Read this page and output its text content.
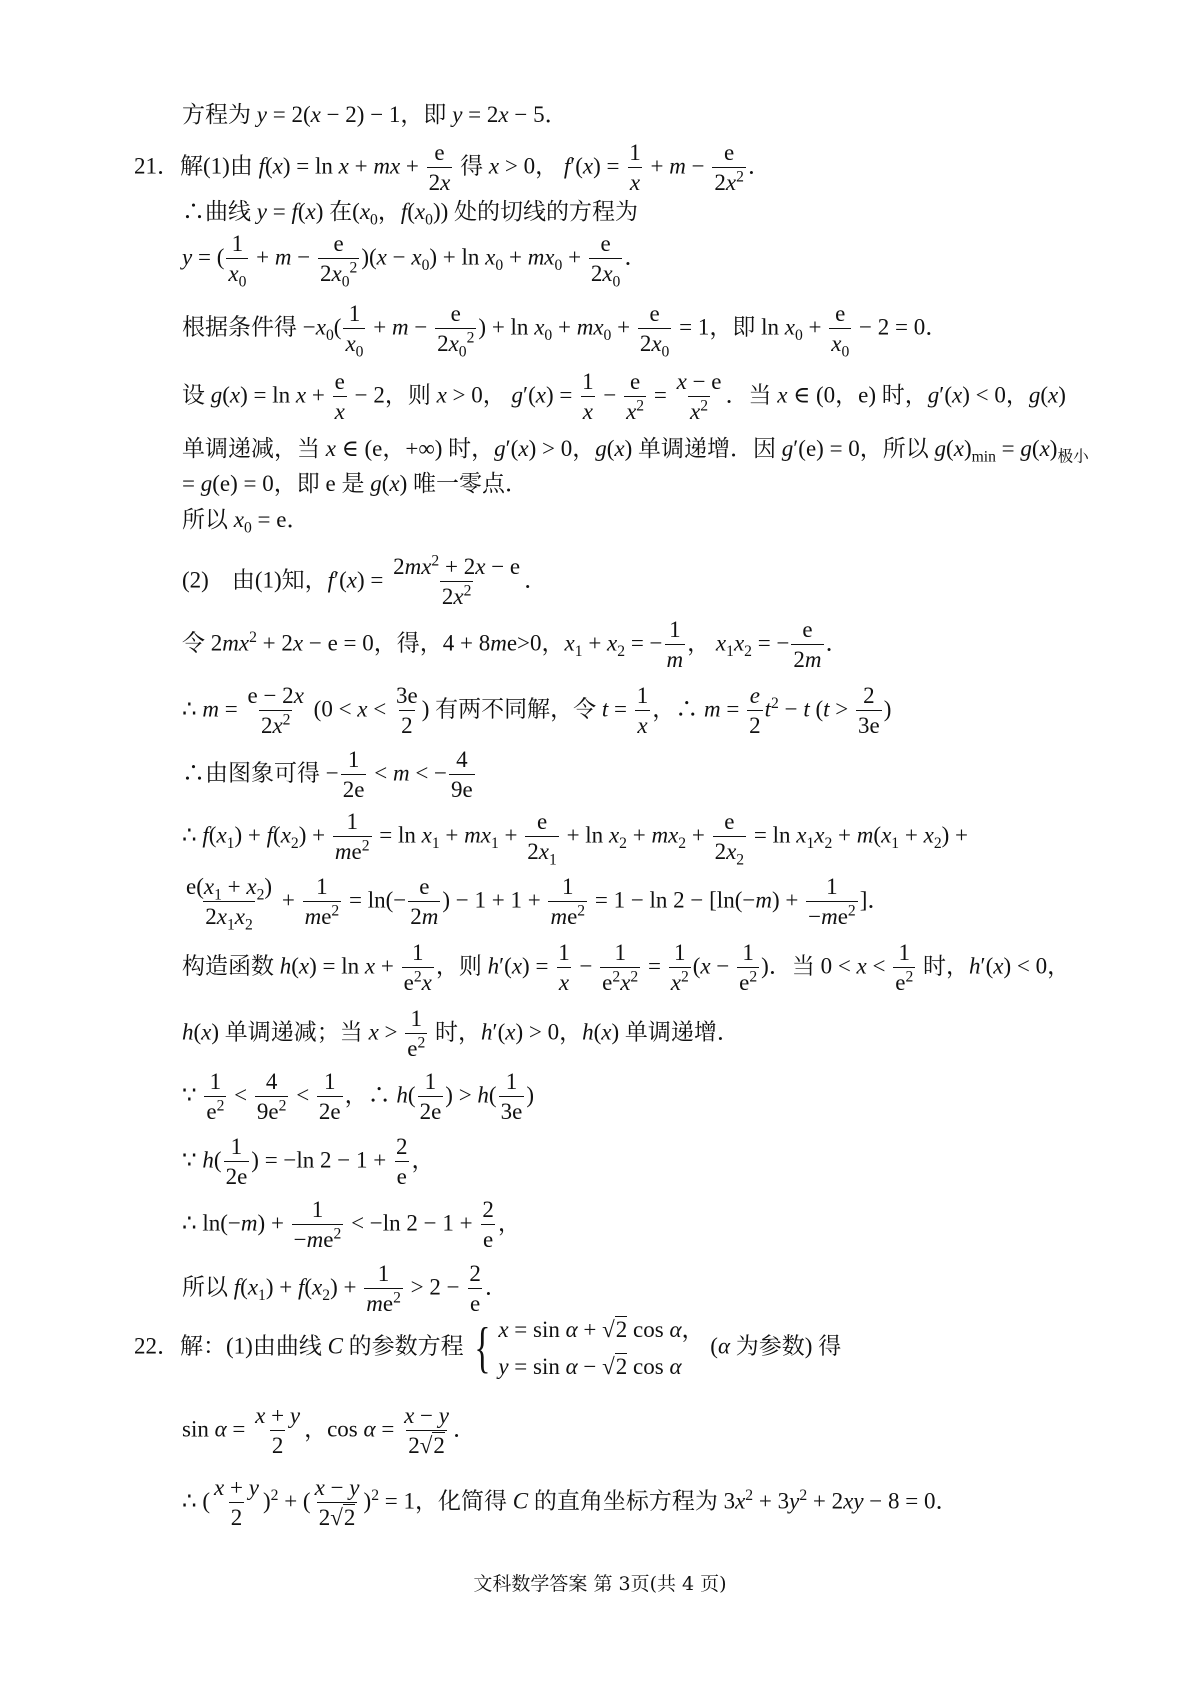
方程为 y = 2(x − 2) − 1，即 y = 2x − 5．
21．解(1)由 f(x) = ln x + mx + $\frac{e}{2x}$ 得 x > 0， $f'(x) = \frac{1}{x} + m - \frac{e}{2x^2}$ ．
∴曲线 y = f(x) 在($x_0$，$f(x_0)$) 处的切线的方程为
y = ( $\frac{1}{x_0} + m - \frac{e}{2x_0^2} )(x - x_0) + \ln x_0 + mx_0 + \frac{e}{2x_0}$ ．
根据条件得 $-x_0( \frac{1}{x_0} + m - \frac{e}{2x_0^2}$ ) + $\ln x_0 + mx_0 + \frac{e}{2x_0} = 1$，即 $\ln x_0 + \frac{e}{x_0} - 2 = 0$．
设 $g(x) = \ln x + \frac{e}{x} - 2$，则 x > 0， $g'(x) = \frac{1}{x} - \frac{e}{x^2} = \frac{x - e}{x^2}$ ．当 x ∈ (0，e) 时，g′(x) < 0，g(x)
单调递减，当 x ∈ (e，+∞) 时，g′(x) > 0，g(x) 单调递增．因 g′(e) = 0，所以 $g(x)_{min} = g(x)_{极小}$
= g(e) = 0，即 e 是 g(x) 唯一零点．
所以 $x_0 = e$．
(2)　由(1)知，$f'(x) = \frac{2mx^2 + 2x - e}{2x^2}$ ．
令 $2mx^2 + 2x - e = 0$，得，4 + 8me>0，$x_1 + x_2$ = − $\frac{1}{m}$ ， $x_1x_2$ = − $\frac{e}{2m}$ ．
∴ $m = \frac{e - 2x}{2x^2} (0 < x < \frac{3e}{2}$ ) 有两不同解，令 $t = \frac{1}{x}$ ，∴ $m = \frac{e}{2} t^2 - t$ ($t > \frac{2}{3e}$ )
∴由图象可得 − $\frac{1}{2e} < m$ < − $\frac{4}{9e}$
∴ $f(x_1) + f(x_2) + \frac{1}{me^2} = \ln x_1 + mx_1 + \frac{e}{2x_1} + \ln x_2 + mx_2 + \frac{e}{2x_2} = \ln x_1x_2 + m(x_1 + x_2)$ +
$\frac{e(x_1 + x_2)}{2x_1x_2} + \frac{1}{me^2} = \ln(- \frac{e}{2m}$ ) − $1 + 1 + \frac{1}{me^2} = 1 - \ln 2 - [\ln(-m) + \frac{1}{-me^2}$ ]．
构造函数 $h(x) = \ln x + \frac{1}{e^2x}$ ，则 $h'(x) = \frac{1}{x} - \frac{1}{e^2x^2} = \frac{1}{x^2} (x - \frac{1}{e^2}$ )．当 $0 < x < \frac{1}{e^2}$ 时，h′(x) < 0，
h(x) 单调递减；当 $x > \frac{1}{e^2}$ 时，h′(x) > 0，h(x) 单调递增．
∵ $\frac{1}{e^2} < \frac{4}{9e^2} < \frac{1}{2e}$ ，∴ $h( \frac{1}{2e}$ ) > $h( \frac{1}{3e}$ )
∵ $h( \frac{1}{2e}$ ) = −ln $2 - 1 + \frac{2}{e}$ ，
∴ $\ln(-m) + \frac{1}{-me^2} < -\ln$ $2 - 1 + \frac{2}{e}$ ，
所以 $f(x_1) + f(x_2) + \frac{1}{me^2} > 2 - \frac{2}{e}$ ．
22．解：(1)由曲线 C 的参数方程 { x = sin α + √2 cos α，
y = sin α − √2 cos α
(α 为参数) 得
$\sin \alpha = \frac{x + y}{2}$ ，$\cos \alpha = \frac{x - y}{2√2}$ ．
∴ ( $\frac{x + y}{2} )^2$ + ( $\frac{x - y}{2√2} )^2 = 1$，化简得 C 的直角坐标方程为 $3x^2 + 3y^2 + 2xy - 8 = 0$．
文科数学答案 第 3页(共 4 页)
